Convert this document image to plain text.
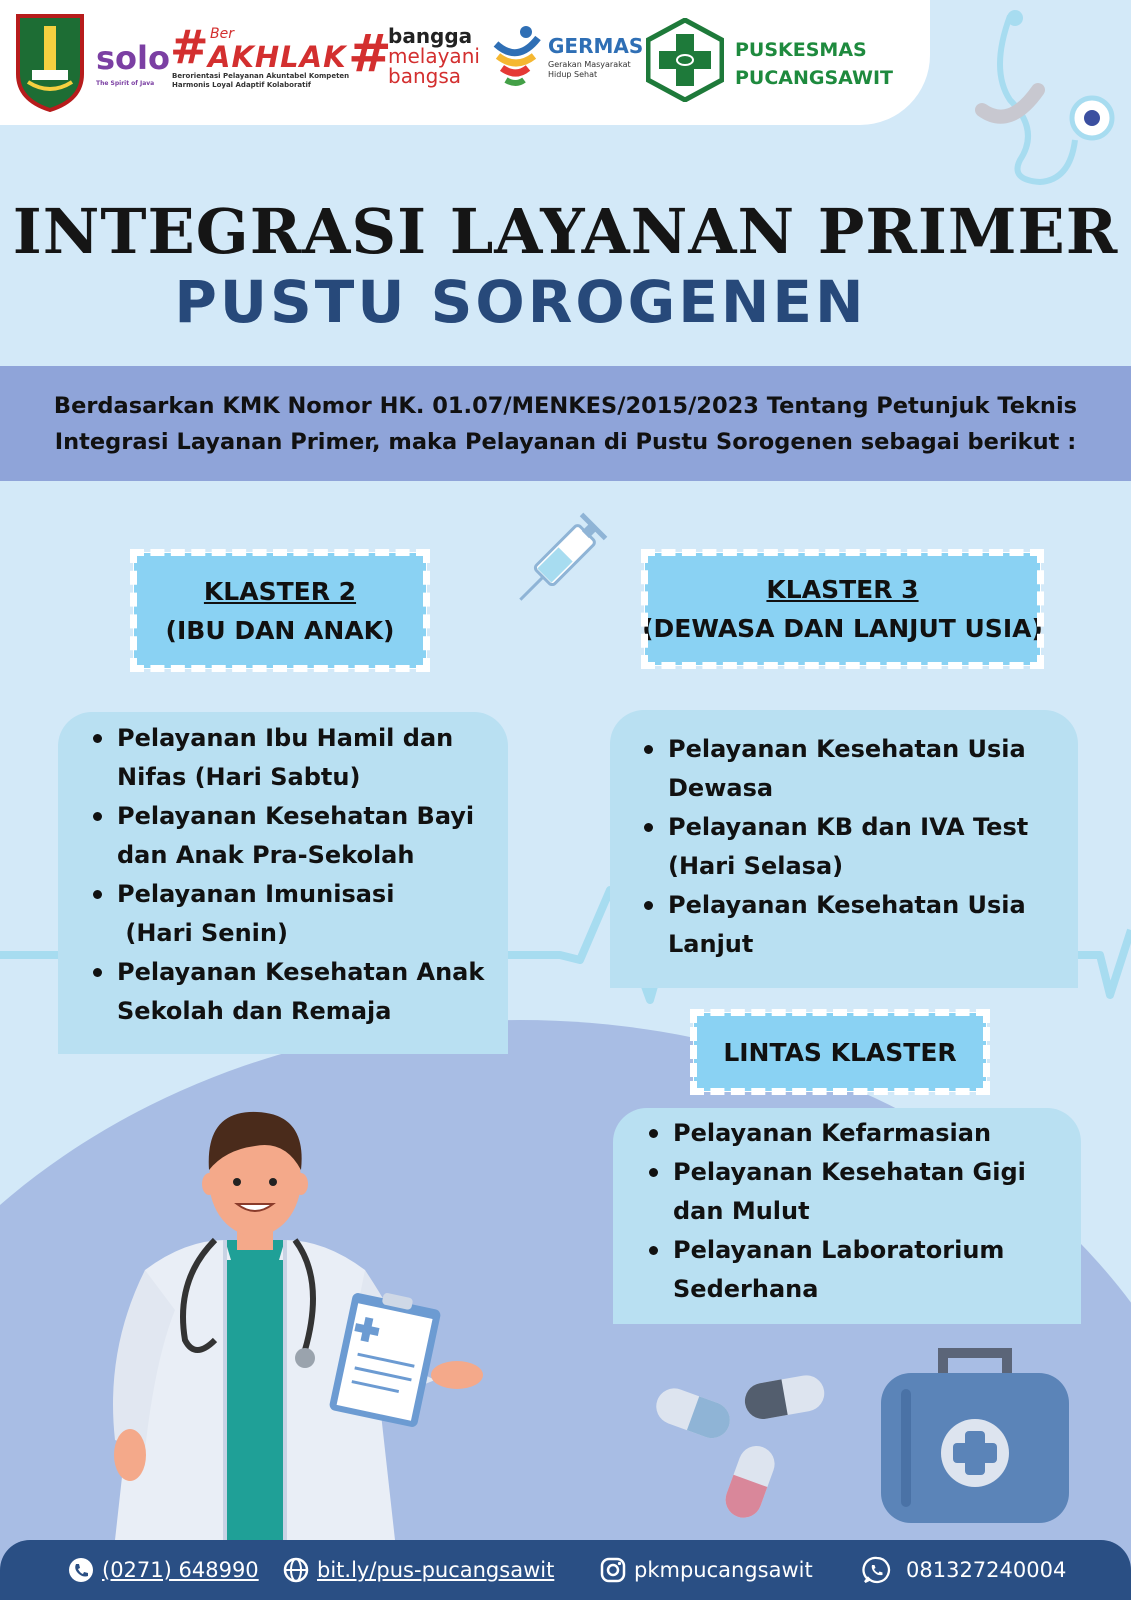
solo
The Spirit of Java
# Ber
AKHLAK
Berorientasi Pelayanan Akuntabel Kompeten
Harmonis Loyal Adaptif Kolaboratif
#
bangga
melayani
bangsa
GERMAS
Gerakan Masyarakat
Hidup Sehat
PUSKESMAS
PUCANGSAWIT
INTEGRASI LAYANAN PRIMER
PUSTU SOROGENEN
Berdasarkan KMK Nomor HK. 01.07/MENKES/2015/2023 Tentang Petunjuk Teknis
Integrasi Layanan Primer, maka Pelayanan di Pustu Sorogenen sebagai berikut :
KLASTER 2
(IBU DAN ANAK)
KLASTER 3
(DEWASA DAN LANJUT USIA)
Pelayanan Ibu Hamil dan
Nifas (Hari Sabtu)
Pelayanan Kesehatan Bayi
dan Anak Pra-Sekolah
Pelayanan Imunisasi
(Hari Senin)
Pelayanan Kesehatan Anak
Sekolah dan Remaja
Pelayanan Kesehatan Usia
Dewasa
Pelayanan KB dan IVA Test
(Hari Selasa)
Pelayanan Kesehatan Usia
Lanjut
LINTAS KLASTER
Pelayanan Kefarmasian
Pelayanan Kesehatan Gigi
dan Mulut
Pelayanan Laboratorium
Sederhana
(0271) 648990	bit.ly/pus-pucangsawit	pkmpucangsawit	081327240004
